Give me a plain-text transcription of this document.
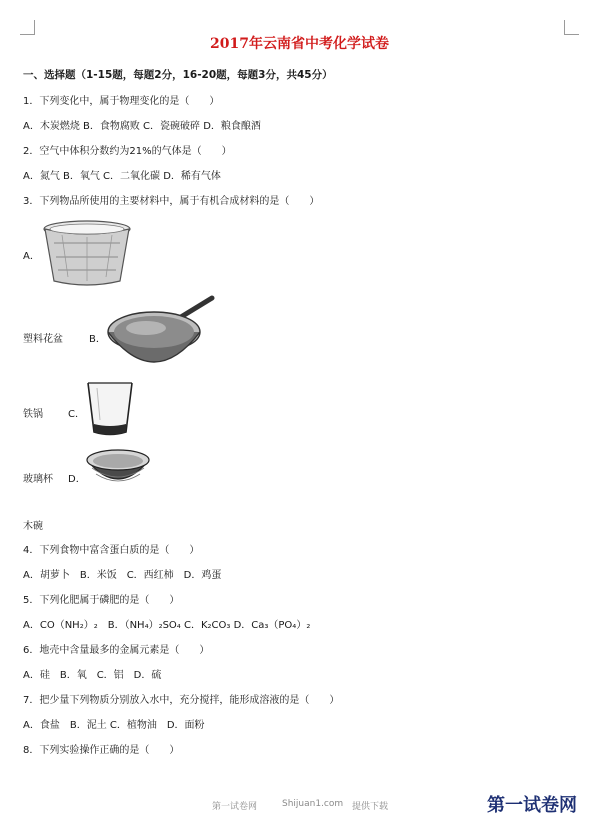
2017年云南省中考化学试卷
一、选择题（1-15题，每题2分，16-20题，每题3分，共45分）
1．下列变化中，属于物理变化的是（　　）
A．木炭燃烧 B．食物腐败 C．瓷碗破碎 D．粮食酿酒
2．空气中体积分数约为21%的气体是（　　）
A．氮气 B．氧气 C．二氧化碳 D．稀有气体
3．下列物品所使用的主要材料中，属于有机合成材料的是（　　）
A．
塑料花盆	B．
铁锅	C．
玻璃杯 D．
木碗
4．下列食物中富含蛋白质的是（　　）
A．胡萝卜　B．米饭　C．西红柿　D．鸡蛋
5．下列化肥属于磷肥的是（　　）
A．CO（NH₂）₂　B．（NH₄）₂SO₄ C．K₂CO₃ D．Ca₃（PO₄）₂
6．地壳中含量最多的金属元素是（　　）
A．硅　B．氧　C．铝　D．硫
7．把少量下列物质分别放入水中，充分搅拌，能形成溶液的是（　　）
A．食盐　B．泥土 C．植物油　D．面粉
8．下列实验操作正确的是（　　）
第一试卷网	Shijuan1.com 提供下载	第一试卷网
